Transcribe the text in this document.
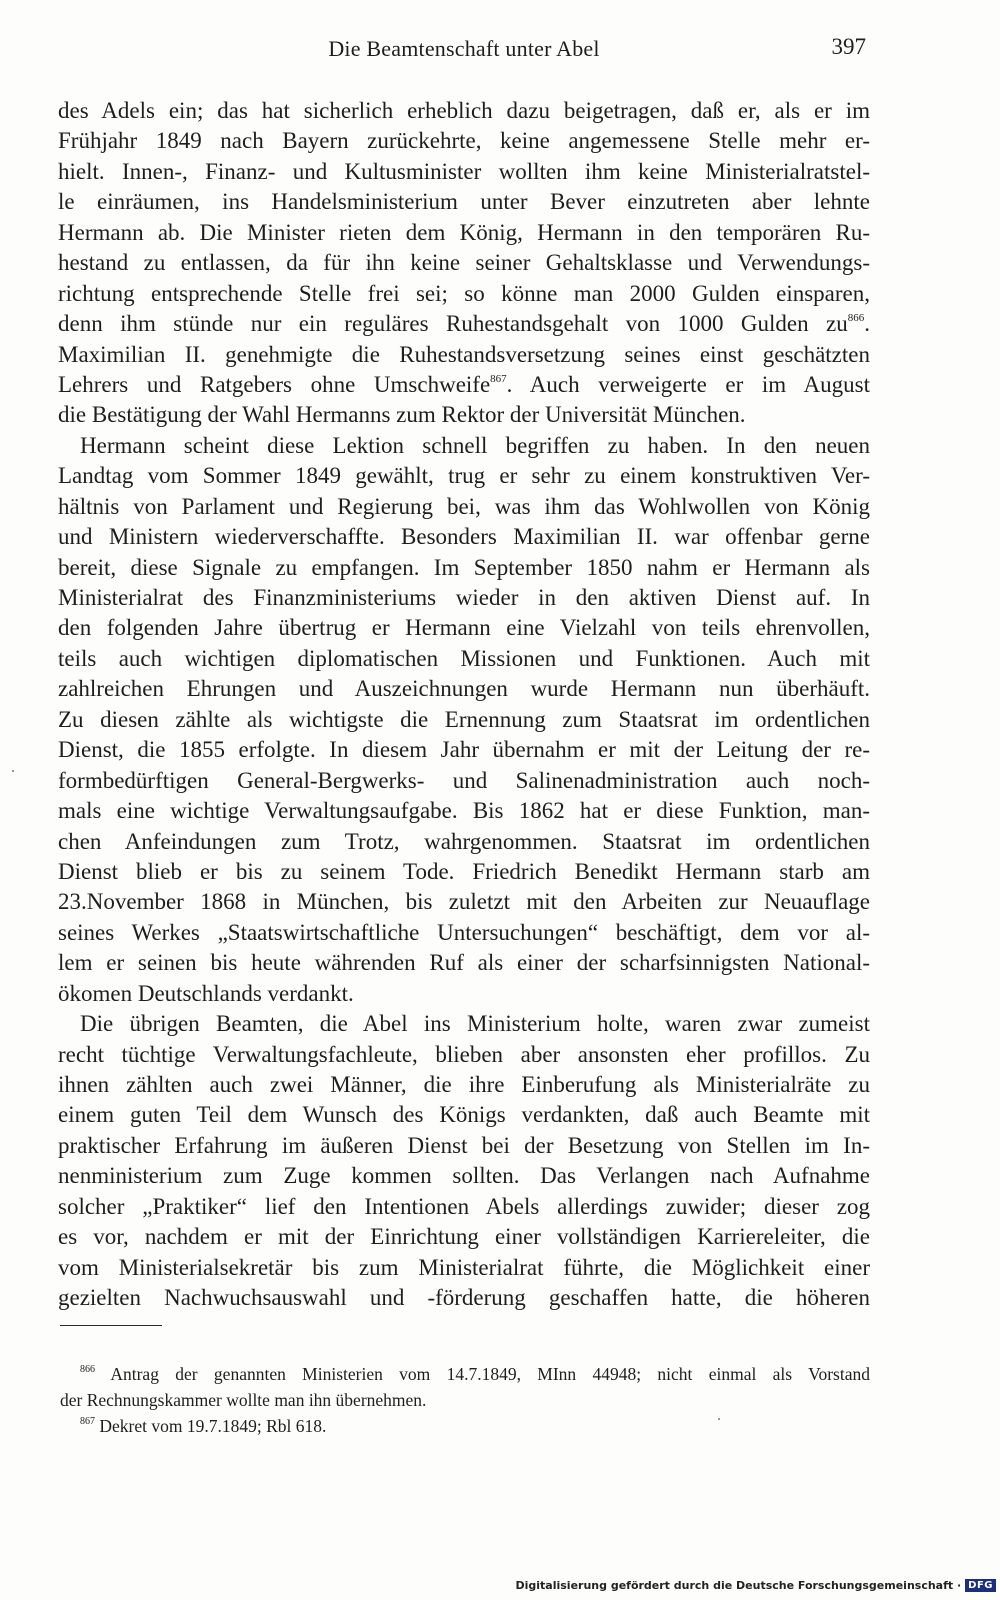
Die Beamtenschaft unter Abel	397
des Adels ein; das hat sicherlich erheblich dazu beigetragen, daß er, als er im
Frühjahr 1849 nach Bayern zurückehrte, keine angemessene Stelle mehr er-
hielt. Innen-, Finanz- und Kultusminister wollten ihm keine Ministerialratstel-
le einräumen, ins Handelsministerium unter Bever einzutreten aber lehnte
Hermann ab. Die Minister rieten dem König, Hermann in den temporären Ru-
hestand zu entlassen, da für ihn keine seiner Gehaltsklasse und Verwendungs-
richtung entsprechende Stelle frei sei; so könne man 2000 Gulden einsparen,
denn ihm stünde nur ein reguläres Ruhestandsgehalt von 1000 Gulden $zu^{866}$.
Maximilian II. genehmigte die Ruhestandsversetzung seines einst geschätzten
Lehrers und Ratgebers ohne Umschweife$^{867}$. Auch verweigerte er im August
die Bestätigung der Wahl Hermanns zum Rektor der Universität München.
Hermann scheint diese Lektion schnell begriffen zu haben. In den neuen
Landtag vom Sommer 1849 gewählt, trug er sehr zu einem konstruktiven Ver-
hältnis von Parlament und Regierung bei, was ihm das Wohlwollen von König
und Ministern wiederverschaffte. Besonders Maximilian II. war offenbar gerne
bereit, diese Signale zu empfangen. Im September 1850 nahm er Hermann als
Ministerialrat des Finanzministeriums wieder in den aktiven Dienst auf. In
den folgenden Jahre übertrug er Hermann eine Vielzahl von teils ehrenvollen,
teils auch wichtigen diplomatischen Missionen und Funktionen. Auch mit
zahlreichen Ehrungen und Auszeichnungen wurde Hermann nun überhäuft.
Zu diesen zählte als wichtigste die Ernennung zum Staatsrat im ordentlichen
Dienst, die 1855 erfolgte. In diesem Jahr übernahm er mit der Leitung der re-
formbedürftigen General-Bergwerks- und Salinenadministration auch noch-
mals eine wichtige Verwaltungsaufgabe. Bis 1862 hat er diese Funktion, man-
chen Anfeindungen zum Trotz, wahrgenommen. Staatsrat im ordentlichen
Dienst blieb er bis zu seinem Tode. Friedrich Benedikt Hermann starb am
23.November 1868 in München, bis zuletzt mit den Arbeiten zur Neuauflage
seines Werkes „Staatswirtschaftliche Untersuchungen“ beschäftigt, dem vor al-
lem er seinen bis heute währenden Ruf als einer der scharfsinnigsten National-
ökomen Deutschlands verdankt.
Die übrigen Beamten, die Abel ins Ministerium holte, waren zwar zumeist
recht tüchtige Verwaltungsfachleute, blieben aber ansonsten eher profillos. Zu
ihnen zählten auch zwei Männer, die ihre Einberufung als Ministerialräte zu
einem guten Teil dem Wunsch des Königs verdankten, daß auch Beamte mit
praktischer Erfahrung im äußeren Dienst bei der Besetzung von Stellen im In-
nenministerium zum Zuge kommen sollten. Das Verlangen nach Aufnahme
solcher „Praktiker“ lief den Intentionen Abels allerdings zuwider; dieser zog
es vor, nachdem er mit der Einrichtung einer vollständigen Karriereleiter, die
vom Ministerialsekretär bis zum Ministerialrat führte, die Möglichkeit einer
gezielten Nachwuchsauswahl und -förderung geschaffen hatte, die höheren
$^{866}$ Antrag der genannten Ministerien vom 14.7.1849, MInn 44948; nicht einmal als Vorstand
der Rechnungskammer wollte man ihn übernehmen.
$^{867}$ Dekret vom 19.7.1849; Rbl 618.
Digitalisierung gefördert durch die Deutsche Forschungsgemeinschaft · DFG
